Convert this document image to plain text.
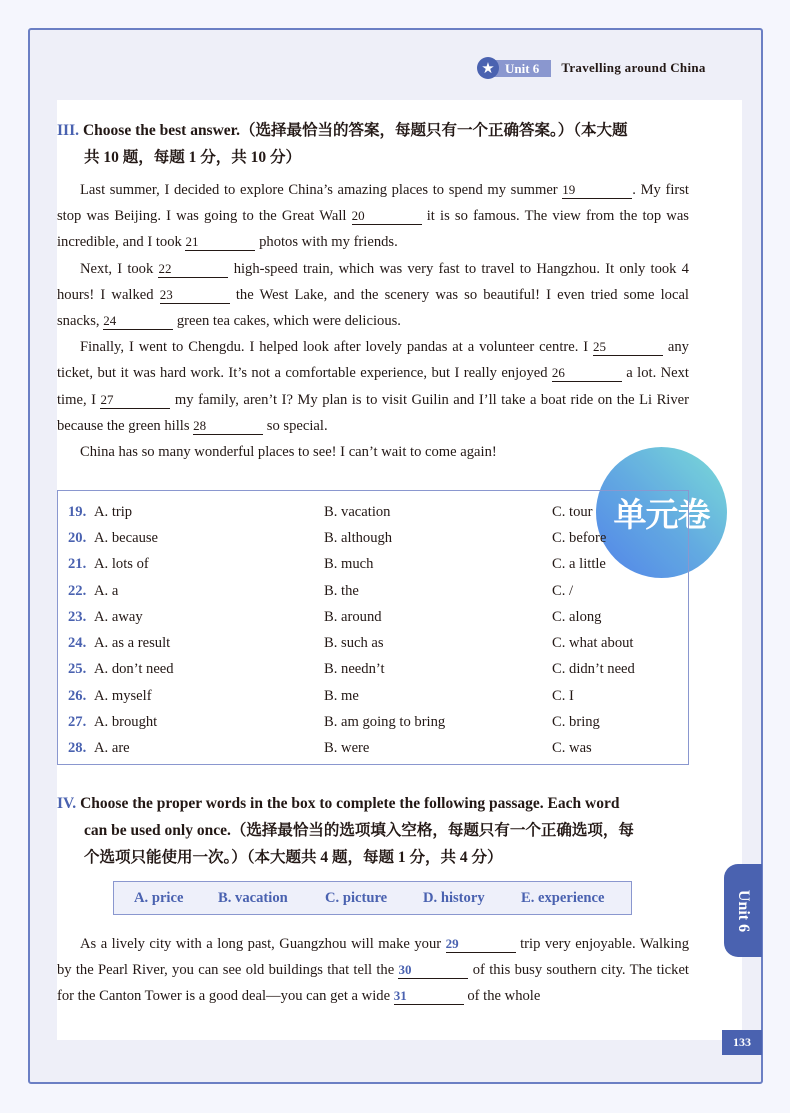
★ Unit 6	Travelling around China
III. Choose the best answer.（选择最恰当的答案，每题只有一个正确答案。）（本大题
共 10 题，每题 1 分，共 10 分）

Last summer, I decided to explore China’s amazing places to spend my summer 19	. My first stop was Beijing. I was going to the Great Wall 20	it is so famous. The view from the top was incredible, and I took 21	photos with my friends.

Next, I took 22	high-speed train, which was very fast to travel to Hangzhou. It only took 4 hours! I walked 23	the West Lake, and the scenery was so beautiful! I even tried some local snacks, 24	green tea cakes, which were delicious.

Finally, I went to Chengdu. I helped look after lovely pandas at a volunteer centre. I 25	any ticket, but it was hard work. It’s not a comfortable experience, but I really enjoyed 26	a lot. Next time, I 27	my family, aren’t I? My plan is to visit Guilin and I’ll take a boat ride on the Li River because the green hills 28	so special.

China has so many wonderful places to see! I can’t wait to come again!

单元卷
19. A. trip	B. vacation	C. tour
20. A. because	B. although	C. before
21. A. lots of	B. much	C. a little
22. A. a	B. the	C. /
23. A. away	B. around	C. along
24. A. as a result	B. such as	C. what about
25. A. don’t need	B. needn’t	C. didn’t need
26. A. myself	B. me	C. I
27. A. brought	B. am going to bring	C. bring
28. A. are	B. were	C. was
IV. Choose the proper words in the box to complete the following passage. Each word
can be used only once.（选择最恰当的选项填入空格，每题只有一个正确选项，每
个选项只能使用一次。）（本大题共 4 题，每题 1 分，共 4 分）
A. price B. vacation	C. picture D. history E. experience

As a lively city with a long past, Guangzhou will make your 29	trip very enjoyable. Walking by the Pearl River, you can see old buildings that tell the 30	of this busy southern city. The ticket for the Canton Tower is a good deal—you can get a wide 31	of the whole

Unit 6
133
